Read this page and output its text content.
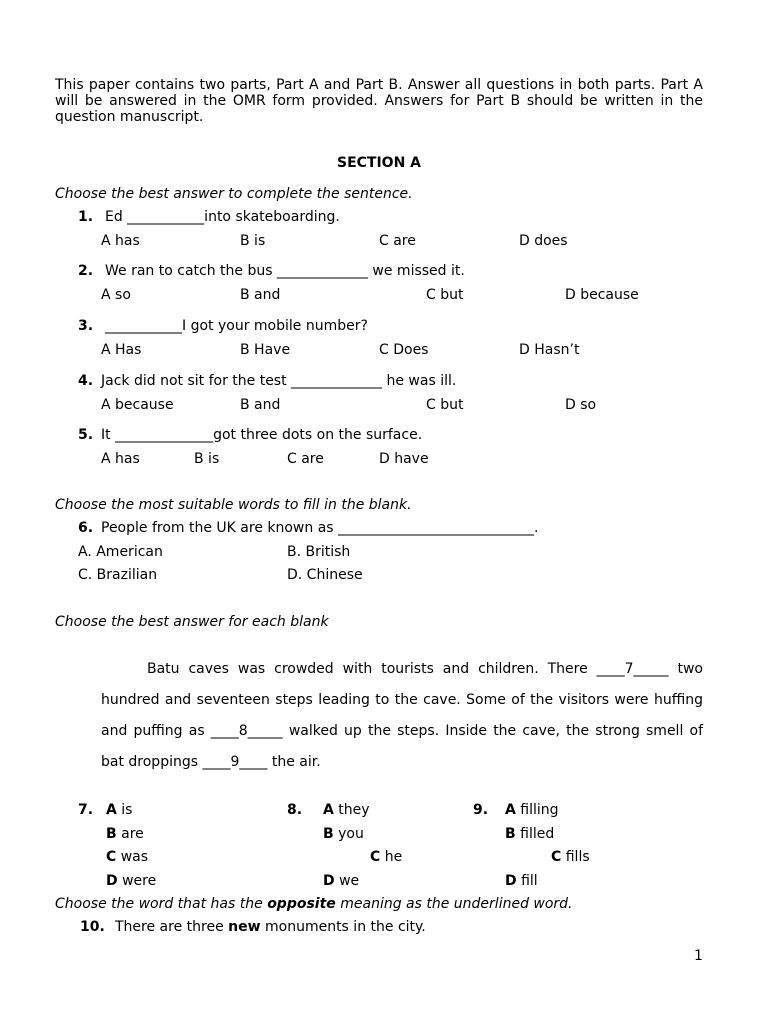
This paper contains two parts, Part A and Part B. Answer all questions in both parts. Part A
will be answered in the OMR form provided. Answers for Part B should be written in the
question manuscript.
SECTION A
Choose the best answer to complete the sentence.
1. Ed ___________into skateboarding.
A has	B is	C are	D does
2. We ran to catch the bus _____________ we missed it.
A so	B and	C but	D because
3. ___________I got your mobile number?
A Has	B Have	C Does	D Hasn’t
4. Jack did not sit for the test _____________ he was ill.
A because	B and	C but	D so
5. It ______________got three dots on the surface.
A has	B is	C are	D have
Choose the most suitable words to fill in the blank.
6. People from the UK are known as ____________________________.
A. American	B. British
C. Brazilian	D. Chinese
Choose the best answer for each blank
Batu caves was crowded with tourists and children. There ____7_____ two
hundred and seventeen steps leading to the cave. Some of the visitors were huffing
and puffing as ____8_____ walked up the steps. Inside the cave, the strong smell of
bat droppings ____9____ the air.
7. A is
B are
C was
D were
8. A they
B you
C he
D we
9. A filling
B filled
C fills
D fill
Choose the word that has the opposite meaning as the underlined word.
10. There are three new monuments in the city.
1
